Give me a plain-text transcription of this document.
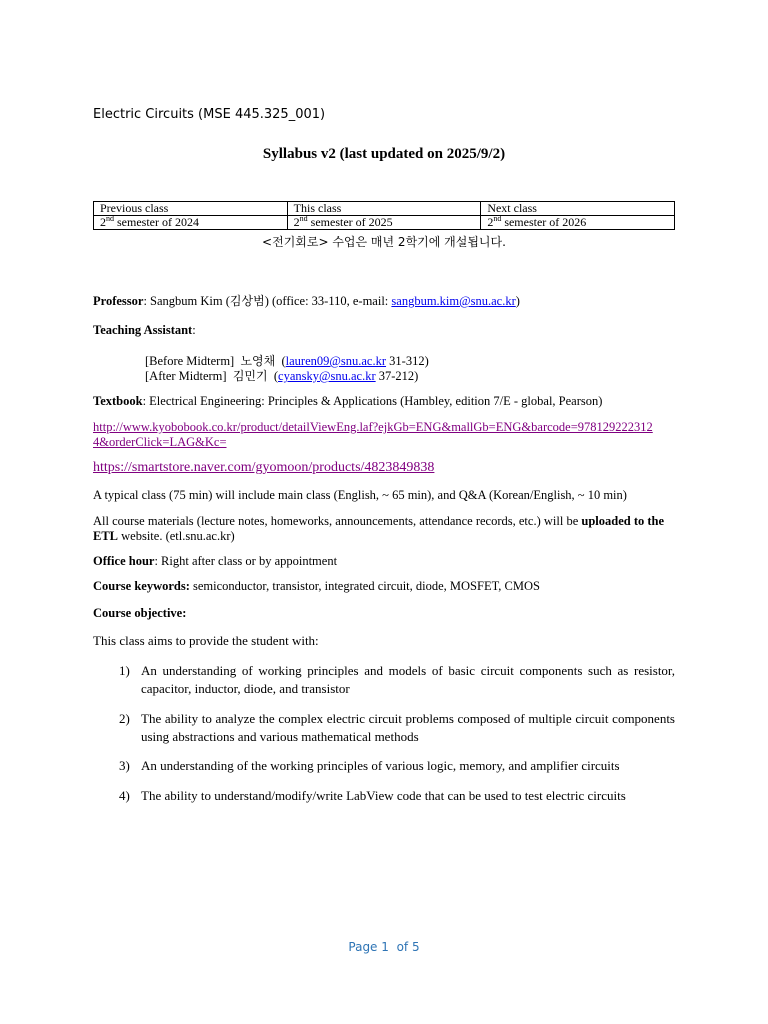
Electric Circuits (MSE 445.325_001)
Syllabus v2 (last updated on 2025/9/2)
Previous class	This class	Next class
2nd semester of 2024	2nd semester of 2025	2nd semester of 2026
<전기회로> 수업은 매년 2학기에 개설됩니다.
Professor: Sangbum Kim (김상범) (office: 33-110, e-mail: sangbum.kim@snu.ac.kr)
Teaching Assistant:
[Before Midterm] 노영채 (lauren09@snu.ac.kr 31-312)
[After Midterm] 김민기 (cyansky@snu.ac.kr 37-212)
Textbook: Electrical Engineering: Principles & Applications (Hambley, edition 7/E - global, Pearson)
http://www.kyobobook.co.kr/product/detailViewEng.laf?ejkGb=ENG&mallGb=ENG&barcode=978129222312
4&orderClick=LAG&Kc=
https://smartstore.naver.com/gyomoon/products/4823849838
A typical class (75 min) will include main class (English, ~ 65 min), and Q&A (Korean/English, ~ 10 min)
All course materials (lecture notes, homeworks, announcements, attendance records, etc.) will be uploaded to the ETL website. (etl.snu.ac.kr)
Office hour: Right after class or by appointment
Course keywords: semiconductor, transistor, integrated circuit, diode, MOSFET, CMOS
Course objective:
This class aims to provide the student with:
1) An understanding of working principles and models of basic circuit components such as resistor, capacitor, inductor, diode, and transistor
2) The ability to analyze the complex electric circuit problems composed of multiple circuit components using abstractions and various mathematical methods
3) An understanding of the working principles of various logic, memory, and amplifier circuits
4) The ability to understand/modify/write LabView code that can be used to test electric circuits
Page 1 of 5
